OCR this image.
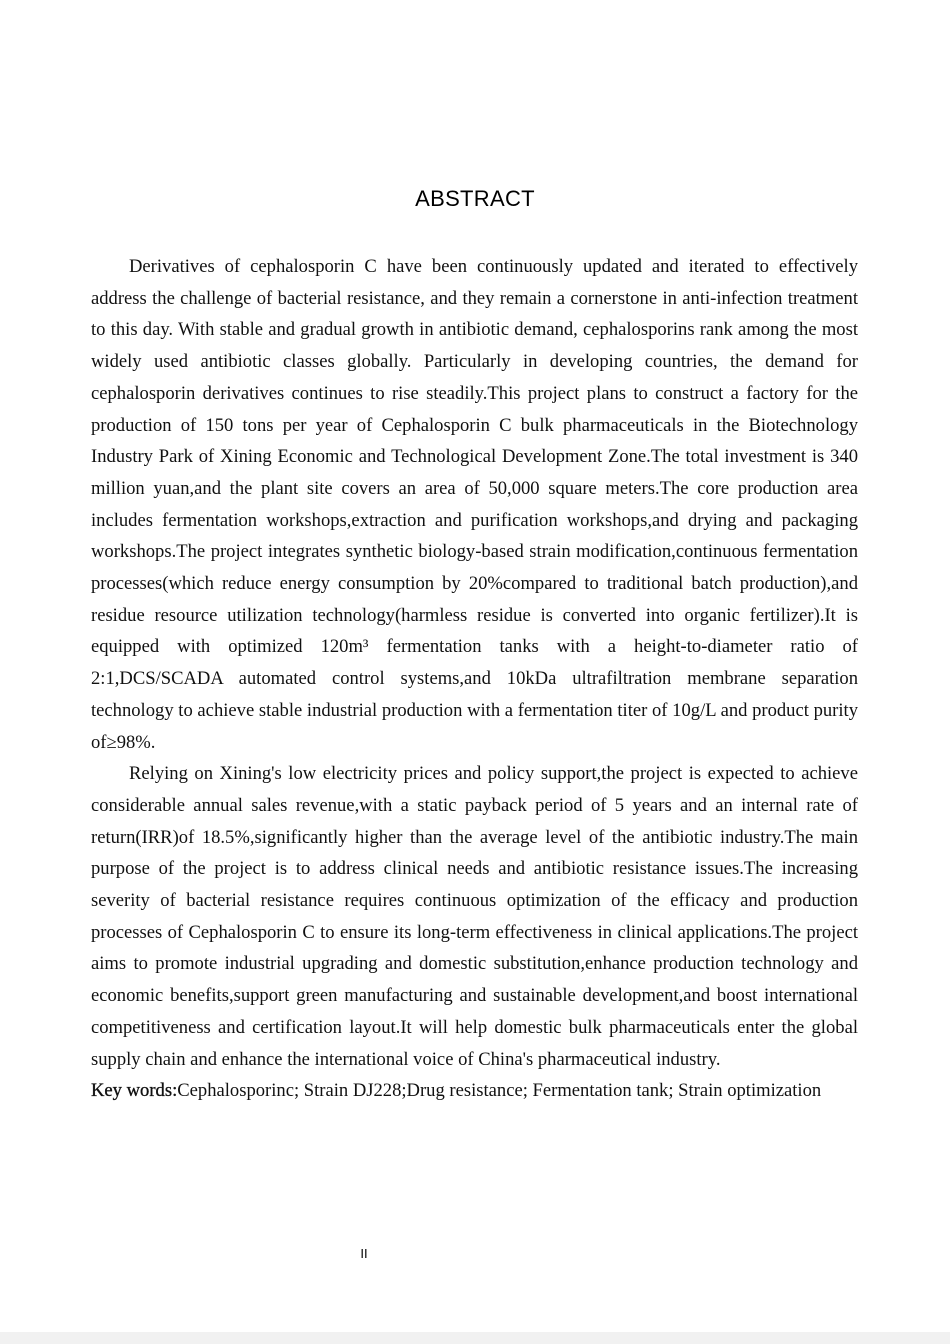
ABSTRACT

Derivatives of cephalosporin C have been continuously updated and iterated to effectively address the challenge of bacterial resistance, and they remain a cornerstone in anti-infection treatment to this day. With stable and gradual growth in antibiotic demand, cephalosporins rank among the most widely used antibiotic classes globally. Particularly in developing countries, the demand for cephalosporin derivatives continues to rise steadily.This project plans to construct a factory for the production of 150 tons per year of Cephalosporin C bulk pharmaceuticals in the Biotechnology Industry Park of Xining Economic and Technological Development Zone.The total investment is 340 million yuan,and the plant site covers an area of 50,000 square meters.The core production area includes fermentation workshops,extraction and purification workshops,and drying and packaging workshops.The project integrates synthetic biology-based strain modification,continuous fermentation processes(which reduce energy consumption by 20%compared to traditional batch production),and residue resource utilization technology(harmless residue is converted into organic fertilizer).It is equipped with optimized 120m³ fermentation tanks with a height-to-diameter ratio of 2:1,DCS/SCADA automated control systems,and 10kDa ultrafiltration membrane separation technology to achieve stable industrial production with a fermentation titer of 10g/L and product purity of≥98%.

Relying on Xining's low electricity prices and policy support,the project is expected to achieve considerable annual sales revenue,with a static payback period of 5 years and an internal rate of return(IRR)of 18.5%,significantly higher than the average level of the antibiotic industry.The main purpose of the project is to address clinical needs and antibiotic resistance issues.The increasing severity of bacterial resistance requires continuous optimization of the efficacy and production processes of Cephalosporin C to ensure its long-term effectiveness in clinical applications.The project aims to promote industrial upgrading and domestic substitution,enhance production technology and economic benefits,support green manufacturing and sustainable development,and boost international competitiveness and certification layout.It will help domestic bulk pharmaceuticals enter the global supply chain and enhance the international voice of China's pharmaceutical industry.

Key words:Cephalosporinc; Strain DJ228;Drug resistance; Fermentation tank; Strain optimization

II
